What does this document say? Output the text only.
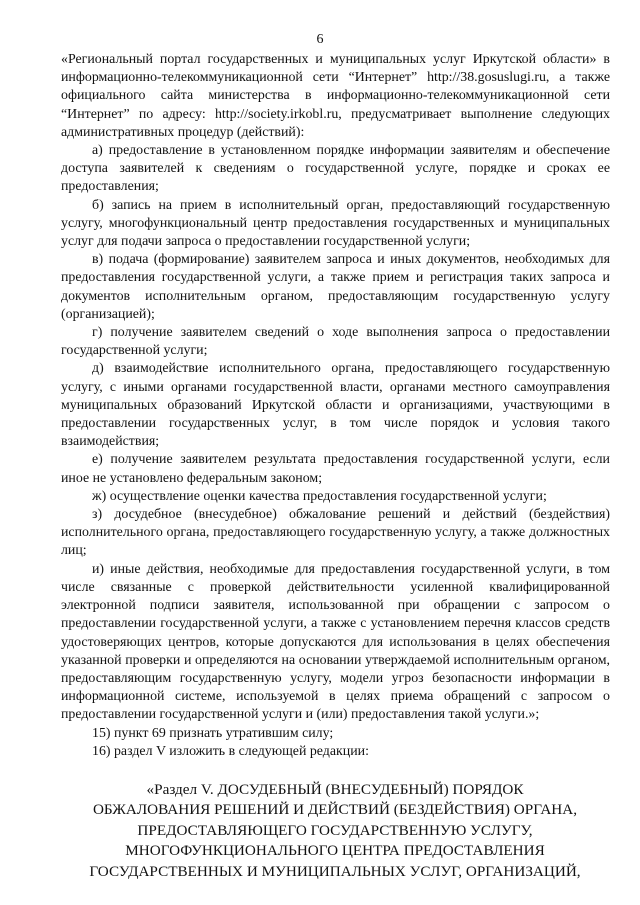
6

«Региональный портал государственных и муниципальных услуг Иркутской области» в информационно-телекоммуникационной сети “Интернет” http://38.gosuslugi.ru, а также официального сайта министерства в информационно-телекоммуникационной сети “Интернет” по адресу: http://society.irkobl.ru, предусматривает выполнение следующих административных процедур (действий):

а) предоставление в установленном порядке информации заявителям и обеспечение доступа заявителей к сведениям о государственной услуге, порядке и сроках ее предоставления;

б) запись на прием в исполнительный орган, предоставляющий государственную услугу, многофункциональный центр предоставления государственных и муниципальных услуг для подачи запроса о предоставлении государственной услуги;

в) подача (формирование) заявителем запроса и иных документов, необходимых для предоставления государственной услуги, а также прием и регистрация таких запроса и документов исполнительным органом, предоставляющим государственную услугу (организацией);

г) получение заявителем сведений о ходе выполнения запроса о предоставлении государственной услуги;

д) взаимодействие исполнительного органа, предоставляющего государственную услугу, с иными органами государственной власти, органами местного самоуправления муниципальных образований Иркутской области и организациями, участвующими в предоставлении государственных услуг, в том числе порядок и условия такого взаимодействия;

е) получение заявителем результата предоставления государственной услуги, если иное не установлено федеральным законом;

ж) осуществление оценки качества предоставления государственной услуги;

з) досудебное (внесудебное) обжалование решений и действий (бездействия) исполнительного органа, предоставляющего государственную услугу, а также должностных лиц;

и) иные действия, необходимые для предоставления государственной услуги, в том числе связанные с проверкой действительности усиленной квалифицированной электронной подписи заявителя, использованной при обращении с запросом о предоставлении государственной услуги, а также с установлением перечня классов средств удостоверяющих центров, которые допускаются для использования в целях обеспечения указанной проверки и определяются на основании утверждаемой исполнительным органом, предоставляющим государственную услугу, модели угроз безопасности информации в информационной системе, используемой в целях приема обращений с запросом о предоставлении государственной услуги и (или) предоставления такой услуги.»;

15) пункт 69 признать утратившим силу;

16) раздел V изложить в следующей редакции:

«Раздел V. ДОСУДЕБНЫЙ (ВНЕСУДЕБНЫЙ) ПОРЯДОК
ОБЖАЛОВАНИЯ РЕШЕНИЙ И ДЕЙСТВИЙ (БЕЗДЕЙСТВИЯ) ОРГАНА,
ПРЕДОСТАВЛЯЮЩЕГО ГОСУДАРСТВЕННУЮ УСЛУГУ,
МНОГОФУНКЦИОНАЛЬНОГО ЦЕНТРА ПРЕДОСТАВЛЕНИЯ
ГОСУДАРСТВЕННЫХ И МУНИЦИПАЛЬНЫХ УСЛУГ, ОРГАНИЗАЦИЙ,
